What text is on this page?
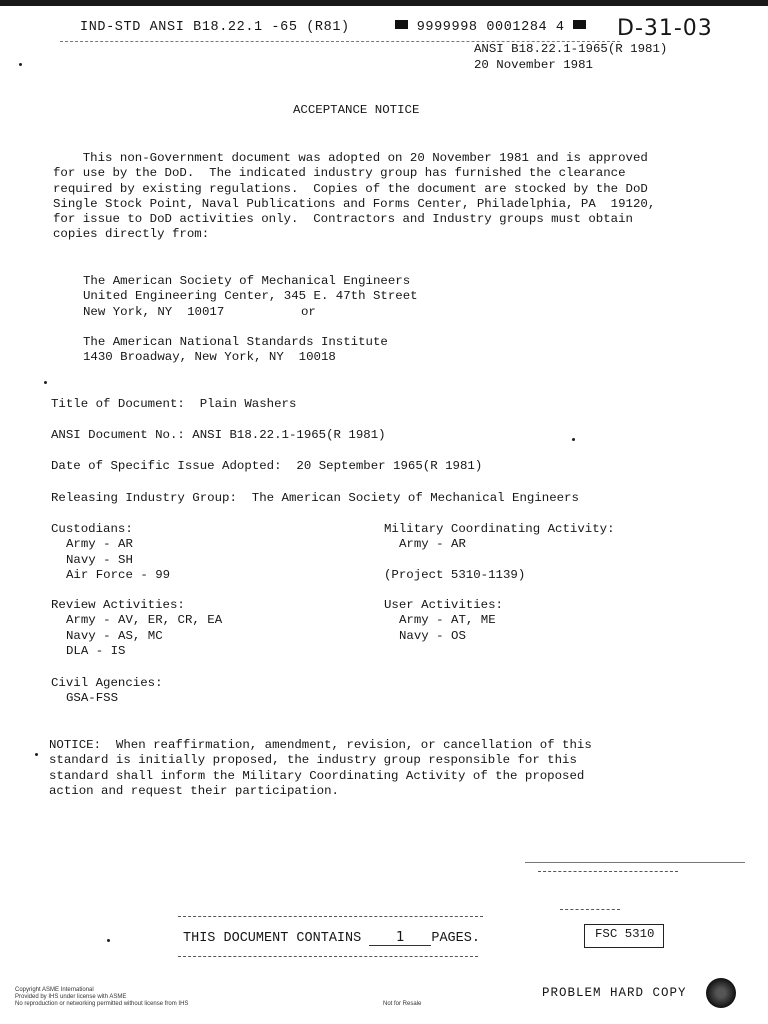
IND-STD ANSI B18.22.1 -65 (R81)	9999998 0001284 4	D-31-03
ANSI B18.22.1-1965(R 1981)
20 November 1981
ACCEPTANCE NOTICE
This non-Government document was adopted on 20 November 1981 and is approved
for use by the DoD.  The indicated industry group has furnished the clearance
required by existing regulations.  Copies of the document are stocked by the DoD
Single Stock Point, Naval Publications and Forms Center, Philadelphia, PA  19120,
for issue to DoD activities only.  Contractors and Industry groups must obtain
copies directly from:
The American Society of Mechanical Engineers
United Engineering Center, 345 E. 47th Street
New York, NY  10017	or
The American National Standards Institute
1430 Broadway, New York, NY  10018
Title of Document: Plain Washers
ANSI Document No.: ANSI B18.22.1-1965(R 1981)
Date of Specific Issue Adopted: 20 September 1965(R 1981)
Releasing Industry Group: The American Society of Mechanical Engineers
Custodians:
Army - AR
Navy - SH
Air Force - 99
Military Coordinating Activity:
Army - AR
(Project 5310-1139)
Review Activities:
Army - AV, ER, CR, EA
Navy - AS, MC
DLA - IS
User Activities:
Army - AT, ME
Navy - OS
Civil Agencies:
GSA-FSS
NOTICE:  When reaffirmation, amendment, revision, or cancellation of this
standard is initially proposed, the industry group responsible for this
standard shall inform the Military Coordinating Activity of the proposed
action and request their participation.
THIS DOCUMENT CONTAINS	1 PAGES.	FSC 5310
Copyright ASME International
Provided by IHS under license with ASME
No reproduction or networking permitted without license from IHS	Not for Resale
PROBLEM HARD COPY
